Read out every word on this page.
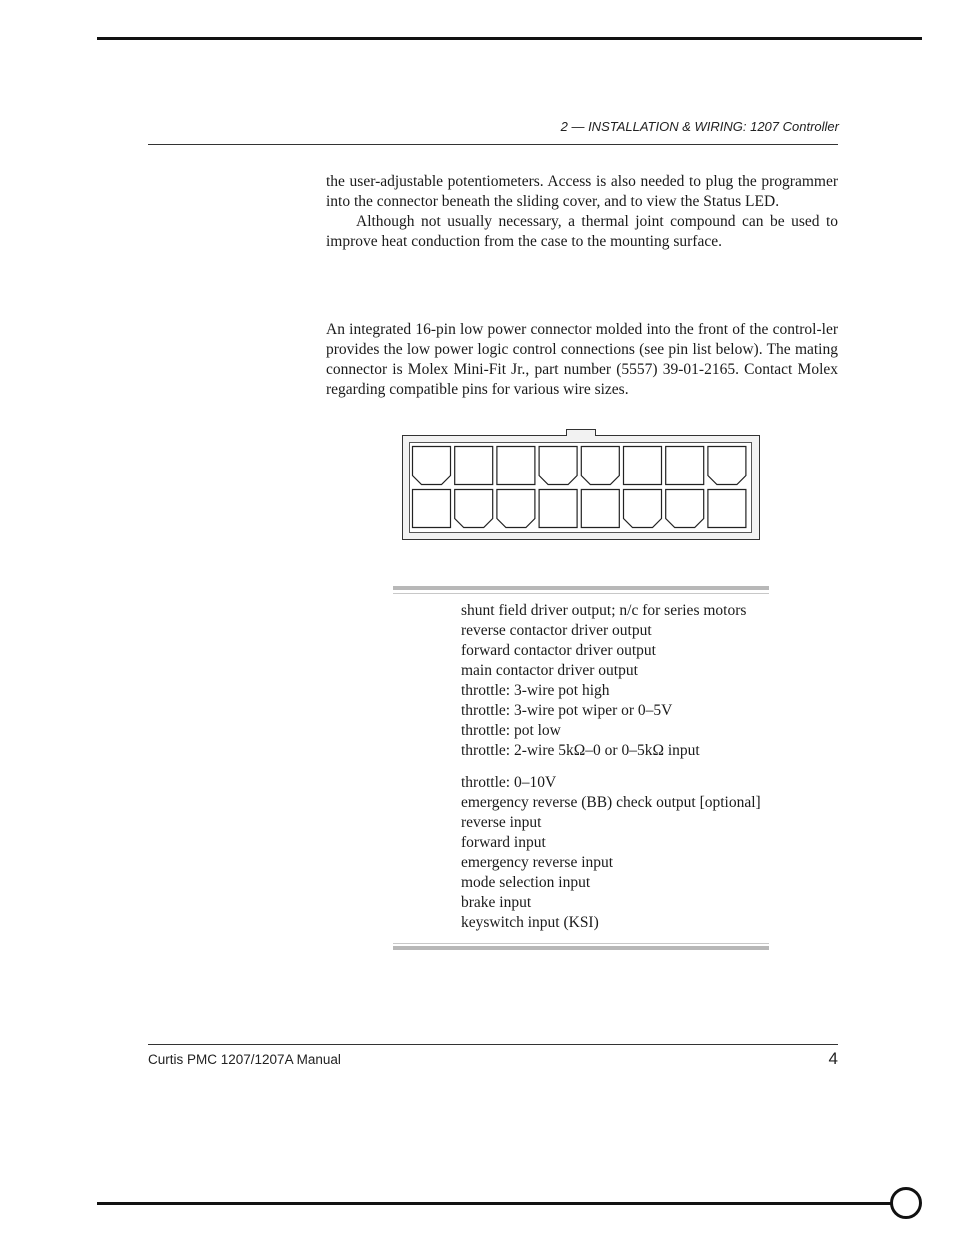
2 — INSTALLATION & WIRING: 1207 Controller
the user-adjustable potentiometers. Access is also needed to plug the programmer into the connector beneath the sliding cover, and to view the Status LED.
Although not usually necessary, a thermal joint compound can be used to improve heat conduction from the case to the mounting surface.
An integrated 16-pin low power connector molded into the front of the control-ler provides the low power logic control connections (see pin list below). The mating connector is Molex Mini-Fit Jr., part number (5557) 39-01-2165. Contact Molex regarding compatible pins for various wire sizes.
shunt field driver output; n/c for series motors
reverse contactor driver output
forward contactor driver output
main contactor driver output
throttle: 3-wire pot high
throttle: 3-wire pot wiper or 0–5V
throttle: pot low
throttle: 2-wire 5kΩ–0 or 0–5kΩ input
throttle: 0–10V
emergency reverse (BB) check output [optional]
reverse input
forward input
emergency reverse input
mode selection input
brake input
keyswitch input (KSI)
Curtis PMC 1207/1207A Manual	4
